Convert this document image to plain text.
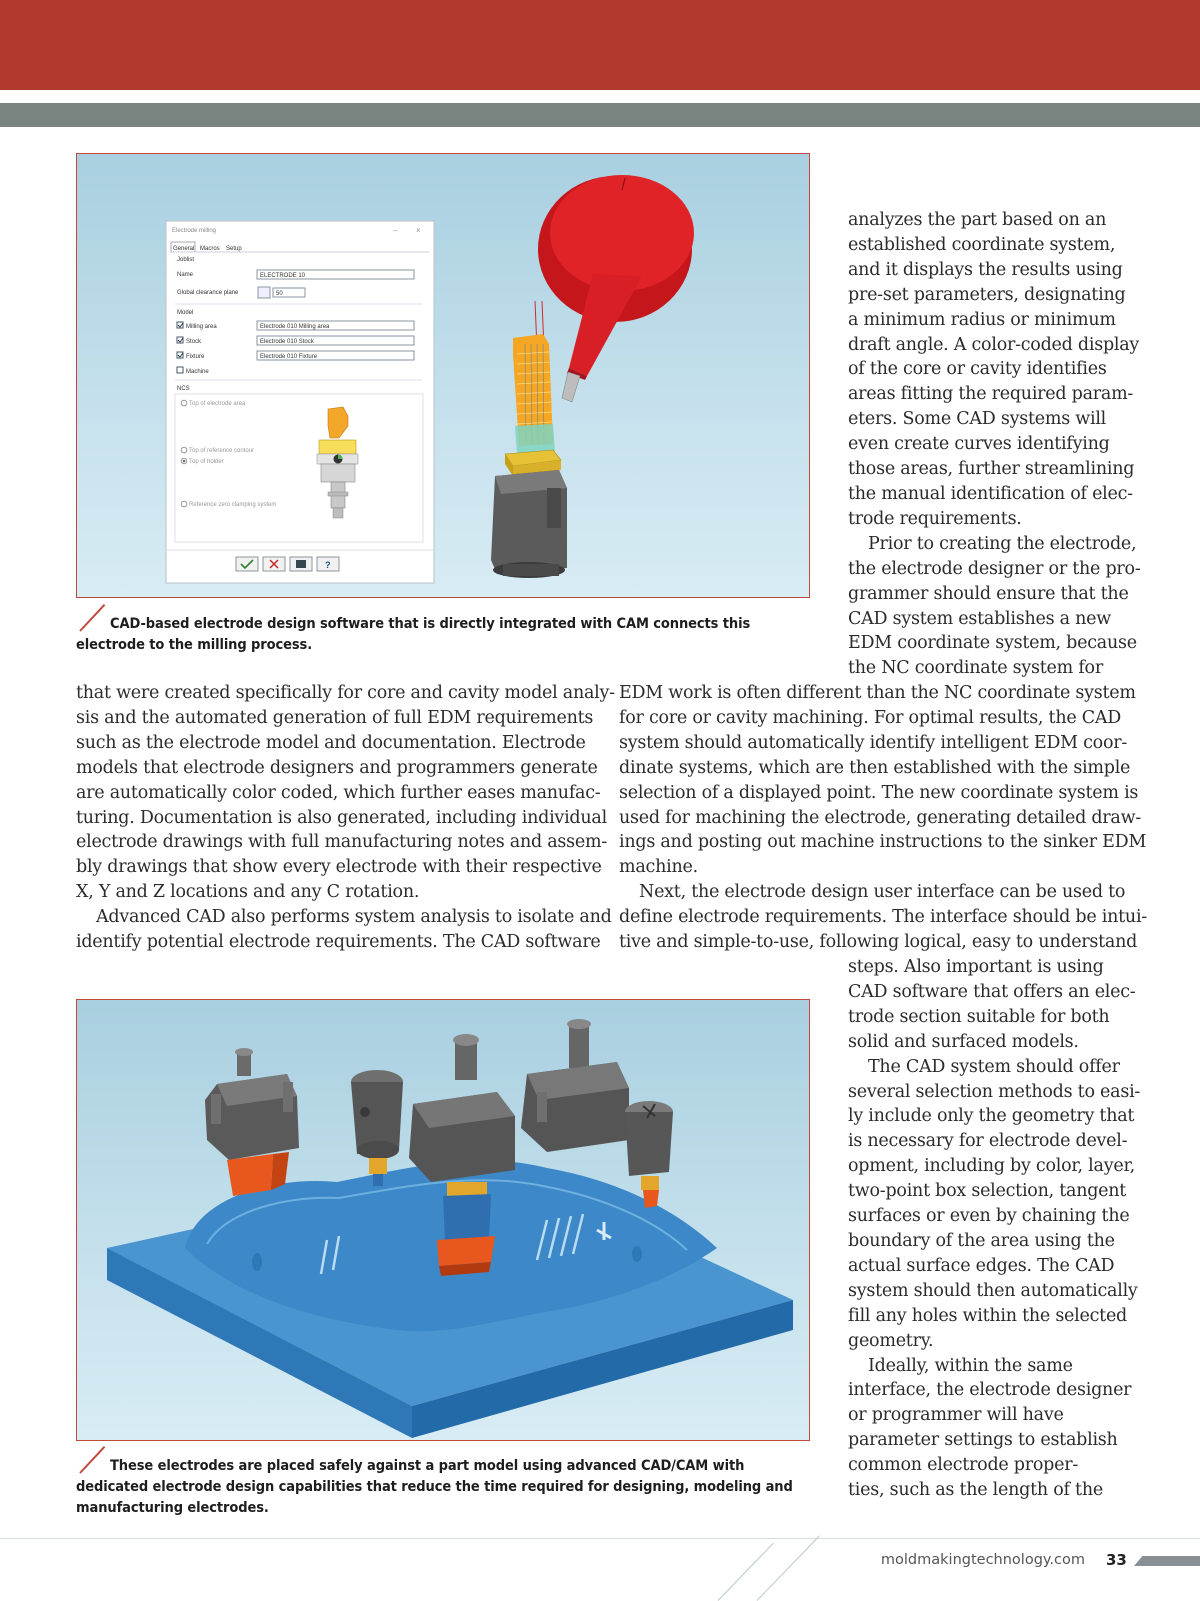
Electrode milling	×
–
General Macros Setup
Joblist
Name	ELECTRODE 10
Global clearance plane	50
Model
Milling area	Electrode 010 Milling area
Stock	Electrode 010 Stock
Fixture	Electrode 010 Fixture
Machine
NCS
Top of electrode area
Top of reference contour
Top of holder
Reference zero clamping system
?
CAD-based electrode design software that is directly integrated with CAM connects this electrode to the milling process.
analyzes the part based on an
established coordinate system,
and it displays the results using
pre-set parameters, designating
a minimum radius or minimum
draft angle. A color-coded display
of the core or cavity identifies
areas fitting the required param-
eters. Some CAD systems will
even create curves identifying
those areas, further streamlining
the manual identification of elec-
trode requirements.
Prior to creating the electrode,
the electrode designer or the pro-
grammer should ensure that the
CAD system establishes a new
EDM coordinate system, because
the NC coordinate system for
that were created specifically for core and cavity model analy-
sis and the automated generation of full EDM requirements
such as the electrode model and documentation. Electrode
models that electrode designers and programmers generate
are automatically color coded, which further eases manufac-
turing. Documentation is also generated, including individual
electrode drawings with full manufacturing notes and assem-
bly drawings that show every electrode with their respective
X, Y and Z locations and any C rotation.
Advanced CAD also performs system analysis to isolate and
identify potential electrode requirements. The CAD software
EDM work is often different than the NC coordinate system
for core or cavity machining. For optimal results, the CAD
system should automatically identify intelligent EDM coor-
dinate systems, which are then established with the simple
selection of a displayed point. The new coordinate system is
used for machining the electrode, generating detailed draw-
ings and posting out machine instructions to the sinker EDM
machine.
Next, the electrode design user interface can be used to
define electrode requirements. The interface should be intui-
tive and simple-to-use, following logical, easy to understand
steps. Also important is using
CAD software that offers an elec-
trode section suitable for both
solid and surfaced models.
The CAD system should offer
several selection methods to easi-
ly include only the geometry that
is necessary for electrode devel-
opment, including by color, layer,
two-point box selection, tangent
surfaces or even by chaining the
boundary of the area using the
actual surface edges. The CAD
system should then automatically
fill any holes within the selected
geometry.
Ideally, within the same
interface, the electrode designer
or programmer will have
parameter settings to establish
common electrode proper-
ties, such as the length of the
These electrodes are placed safely against a part model using advanced CAD/CAM with dedicated electrode design capabilities that reduce the time required for designing, modeling and manufacturing electrodes.
moldmakingtechnology.com 33
